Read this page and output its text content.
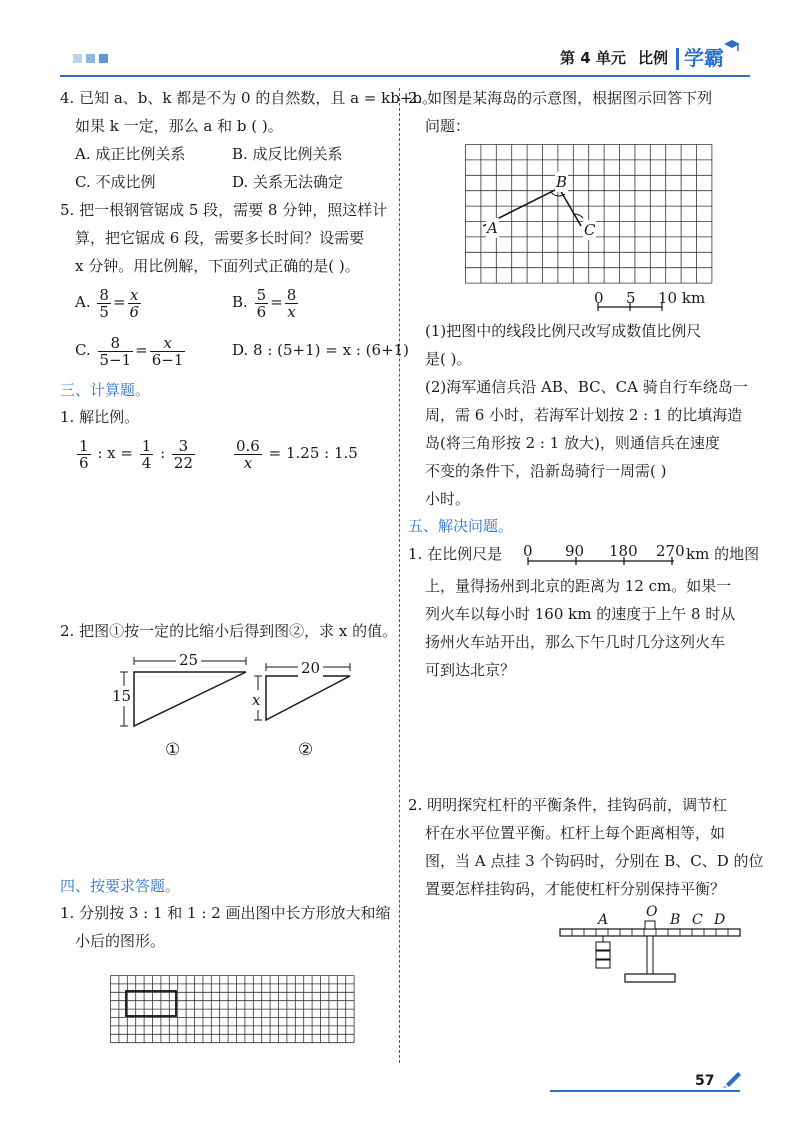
第 4 单元 比例 学霸
4. 已知 a、b、k 都是不为 0 的自然数，且 a = kb+b。
如果 k 一定，那么 a 和 b ( )。
A. 成正比例关系	B. 成反比例关系
C. 不成比例	D. 关系无法确定
5. 把一根钢管锯成 5 段，需要 8 分钟，照这样计
算，把它锯成 6 段，需要多长时间？设需要
x 分钟。用比例解，下面列式正确的是( )。
A. $\frac{8}{5} = \frac{x}{6}$	B. $\frac{5}{6} = \frac{8}{x}$
C. $\frac{8}{5-1} = \frac{x}{6-1}$	D. 8 : (5+1) = x : (6+1)
三、计算题。
1. 解比例。
$\frac{1}{6}$ : $x = \frac{1}{4}$ : $\frac{3}{22}$	$\frac{0.6}{x} = 1.25$ : 1.5
2. 把图①按一定的比缩小后得到图②，求 x 的值。
25
15
20
x
①	②
四、按要求答题。
1. 分别按 3 : 1 和 1 : 2 画出图中长方形放大和缩
小后的图形。
2. 如图是某海岛的示意图，根据图示回答下列
问题：
A
B
C
0 5 10 km
(1)把图中的线段比例尺改写成数值比例尺
是( )。
(2)海军通信兵沿 AB、BC、CA 骑自行车绕岛一
周，需 6 小时，若海军计划按 2 : 1 的比填海造
岛(将三角形按 2 : 1 放大)，则通信兵在速度
不变的条件下，沿新岛骑行一周需( )
小时。
五、解决问题。
1. 在比例尺是 0 90 180 270 km 的地图
上，量得扬州到北京的距离为 12 cm。如果一
列火车以每小时 160 km 的速度于上午 8 时从
扬州火车站开出，那么下午几时几分这列火车
可到达北京？
2. 明明探究杠杆的平衡条件，挂钩码前，调节杠
杆在水平位置平衡。杠杆上每个距离相等，如
图，当 A 点挂 3 个钩码时，分别在 B、C、D 的位
置要怎样挂钩码，才能使杠杆分别保持平衡？
A	O B C D
57
